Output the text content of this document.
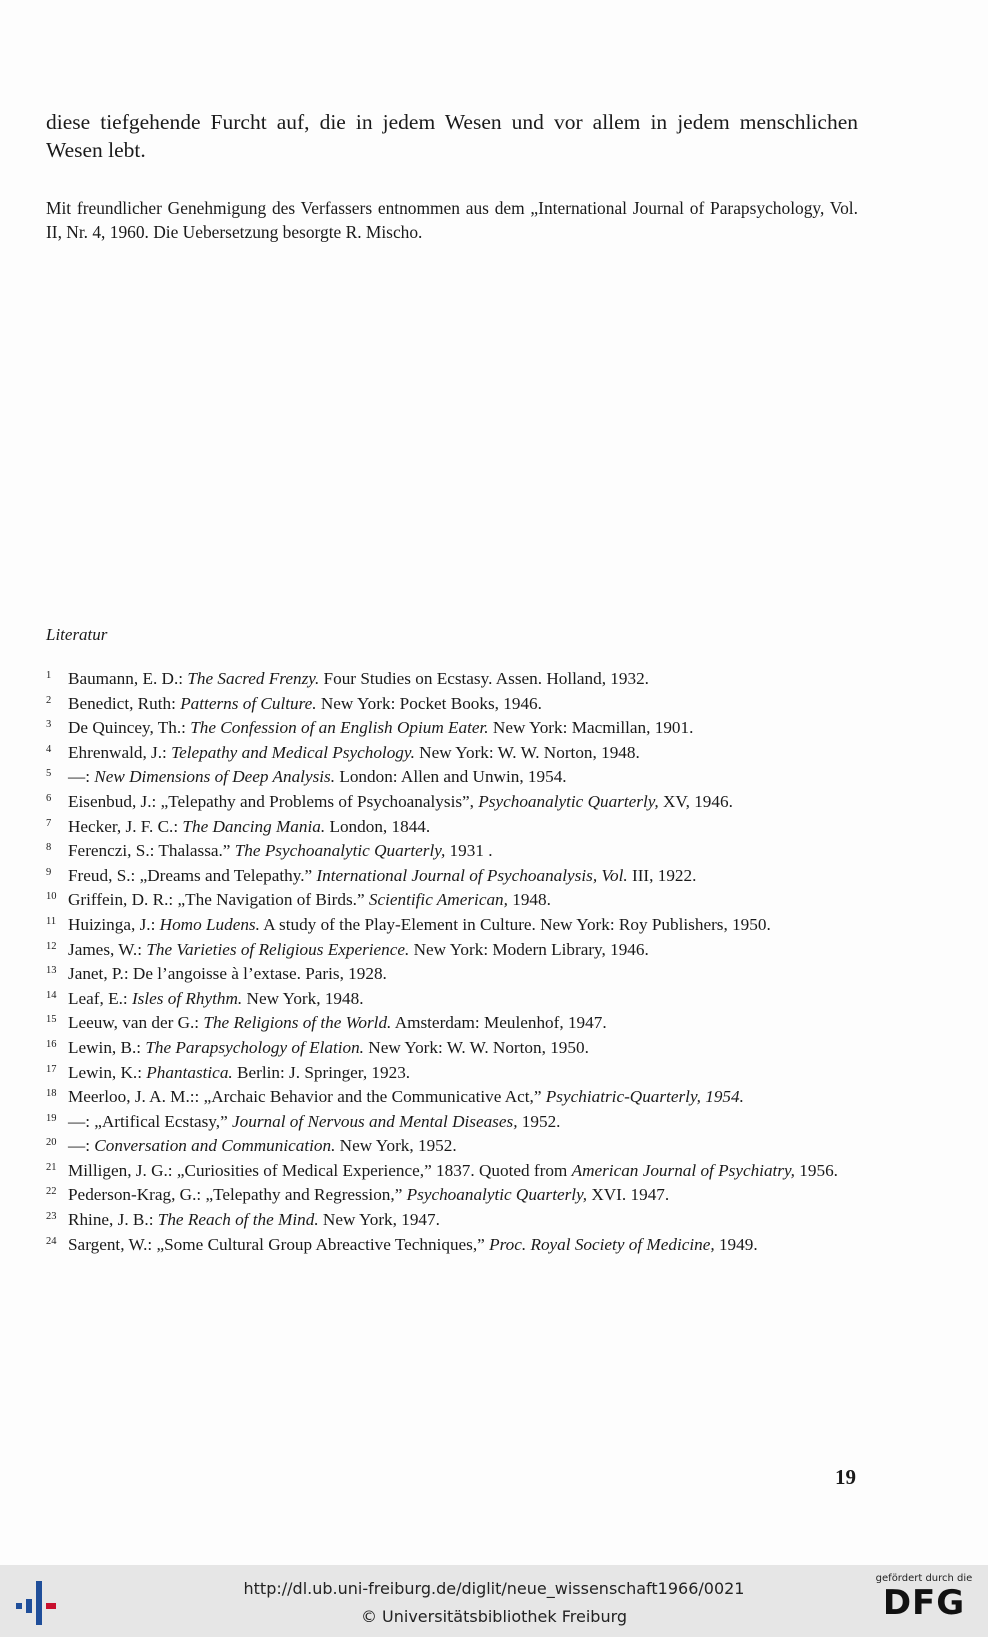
diese tiefgehende Furcht auf, die in jedem Wesen und vor allem in jedem menschlichen Wesen lebt.

Mit freundlicher Genehmigung des Verfassers entnommen aus dem „International Journal of Parapsychology, Vol. II, Nr. 4, 1960. Die Uebersetzung besorgte R. Mischo.
Literatur
1 Baumann, E. D.: The Sacred Frenzy. Four Studies on Ecstasy. Assen. Holland, 1932.
2 Benedict, Ruth: Patterns of Culture. New York: Pocket Books, 1946.
3 De Quincey, Th.: The Confession of an English Opium Eater. New York: Macmillan, 1901.
4 Ehrenwald, J.: Telepathy and Medical Psychology. New York: W. W. Norton, 1948.
5 —: New Dimensions of Deep Analysis. London: Allen and Unwin, 1954.
6 Eisenbud, J.: „Telepathy and Problems of Psychoanalysis”, Psychoanalytic Quarterly, XV, 1946.
7 Hecker, J. F. C.: The Dancing Mania. London, 1844.
8 Ferenczi, S.: Thalassa.” The Psychoanalytic Quarterly, 1931 .
9 Freud, S.: „Dreams and Telepathy.” International Journal of Psychoanalysis, Vol. III, 1922.
10 Griffein, D. R.: „The Navigation of Birds.” Scientific American, 1948.
11 Huizinga, J.: Homo Ludens. A study of the Play-Element in Culture. New York: Roy Publishers, 1950.
12 James, W.: The Varieties of Religious Experience. New York: Modern Library, 1946.
13 Janet, P.: De l’angoisse à l’extase. Paris, 1928.
14 Leaf, E.: Isles of Rhythm. New York, 1948.
15 Leeuw, van der G.: The Religions of the World. Amsterdam: Meulenhof, 1947.
16 Lewin, B.: The Parapsychology of Elation. New York: W. W. Norton, 1950.
17 Lewin, K.: Phantastica. Berlin: J. Springer, 1923.
18 Meerloo, J. A. M.:: „Archaic Behavior and the Communicative Act,” Psychiatric-Quarterly, 1954.
19 —: „Artifical Ecstasy,” Journal of Nervous and Mental Diseases, 1952.
20 —: Conversation and Communication. New York, 1952.
21 Milligen, J. G.: „Curiosities of Medical Experience,” 1837. Quoted from American Journal of Psychiatry, 1956.
22 Pederson-Krag, G.: „Telepathy and Regression,” Psychoanalytic Quarterly, XVI. 1947.
23 Rhine, J. B.: The Reach of the Mind. New York, 1947.
24 Sargent, W.: „Some Cultural Group Abreactive Techniques,” Proc. Royal Society of Medicine, 1949.
19
http://dl.ub.uni-freiburg.de/diglit/neue_wissenschaft1966/0021
© Universitätsbibliothek Freiburg
gefördert durch die
DFG
